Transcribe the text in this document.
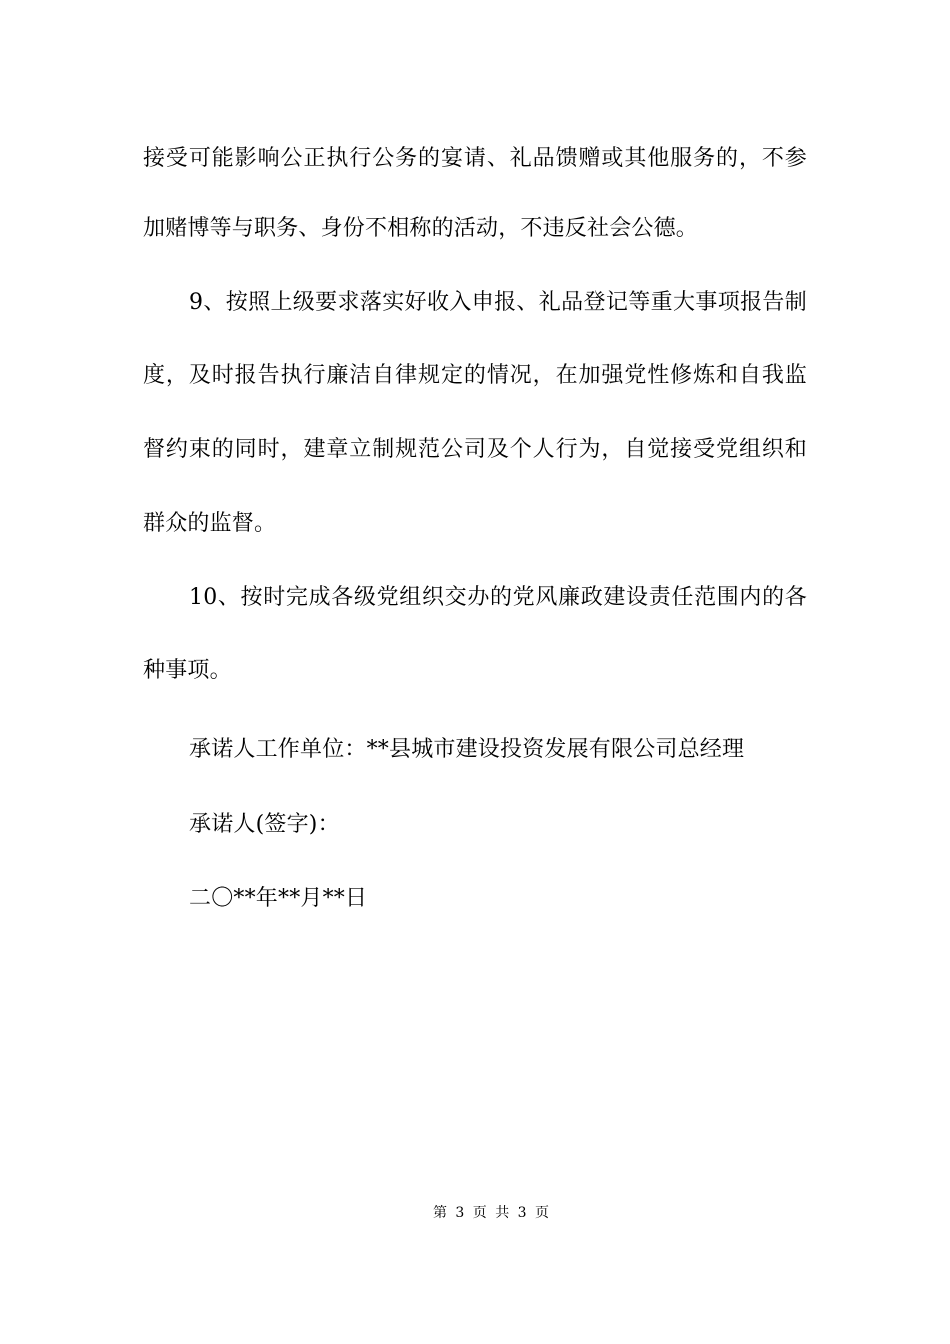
接受可能影响公正执行公务的宴请、礼品馈赠或其他服务的，不参
加赌博等与职务、身份不相称的活动，不违反社会公德。
9、按照上级要求落实好收入申报、礼品登记等重大事项报告制
度，及时报告执行廉洁自律规定的情况，在加强党性修炼和自我监
督约束的同时，建章立制规范公司及个人行为，自觉接受党组织和
群众的监督。
10、按时完成各级党组织交办的党风廉政建设责任范围内的各
种事项。
承诺人工作单位：**县城市建设投资发展有限公司总经理
承诺人(签字)：
二〇**年**月**日
第 3 页 共 3 页
